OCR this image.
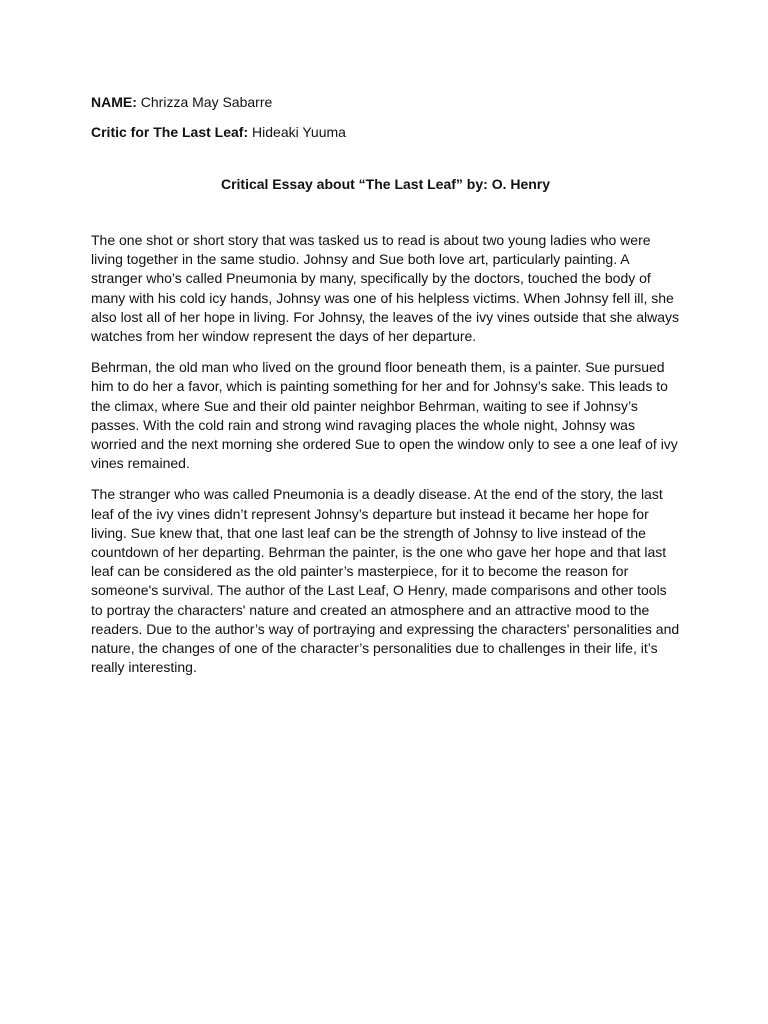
NAME: Chrizza May Sabarre

Critic for The Last Leaf: Hideaki Yuuma

Critical Essay about “The Last Leaf” by: O. Henry

The one shot or short story that was tasked us to read is about two young ladies who were living together in the same studio. Johnsy and Sue both love art, particularly painting. A stranger who’s called Pneumonia by many, specifically by the doctors, touched the body of many with his cold icy hands, Johnsy was one of his helpless victims. When Johnsy fell ill, she also lost all of her hope in living. For Johnsy, the leaves of the ivy vines outside that she always watches from her window represent the days of her departure.

Behrman, the old man who lived on the ground floor beneath them, is a painter. Sue pursued him to do her a favor, which is painting something for her and for Johnsy’s sake. This leads to the climax, where Sue and their old painter neighbor Behrman, waiting to see if Johnsy’s passes. With the cold rain and strong wind ravaging places the whole night, Johnsy was worried and the next morning she ordered Sue to open the window only to see a one leaf of ivy vines remained.

The stranger who was called Pneumonia is a deadly disease. At the end of the story, the last leaf of the ivy vines didn’t represent Johnsy’s departure but instead it became her hope for living. Sue knew that, that one last leaf can be the strength of Johnsy to live instead of the countdown of her departing. Behrman the painter, is the one who gave her hope and that last leaf can be considered as the old painter’s masterpiece, for it to become the reason for someone's survival. The author of the Last Leaf, O Henry, made comparisons and other tools to portray the characters' nature and created an atmosphere and an attractive mood to the readers. Due to the author’s way of portraying and expressing the characters' personalities and nature, the changes of one of the character’s personalities due to challenges in their life, it’s really interesting.
